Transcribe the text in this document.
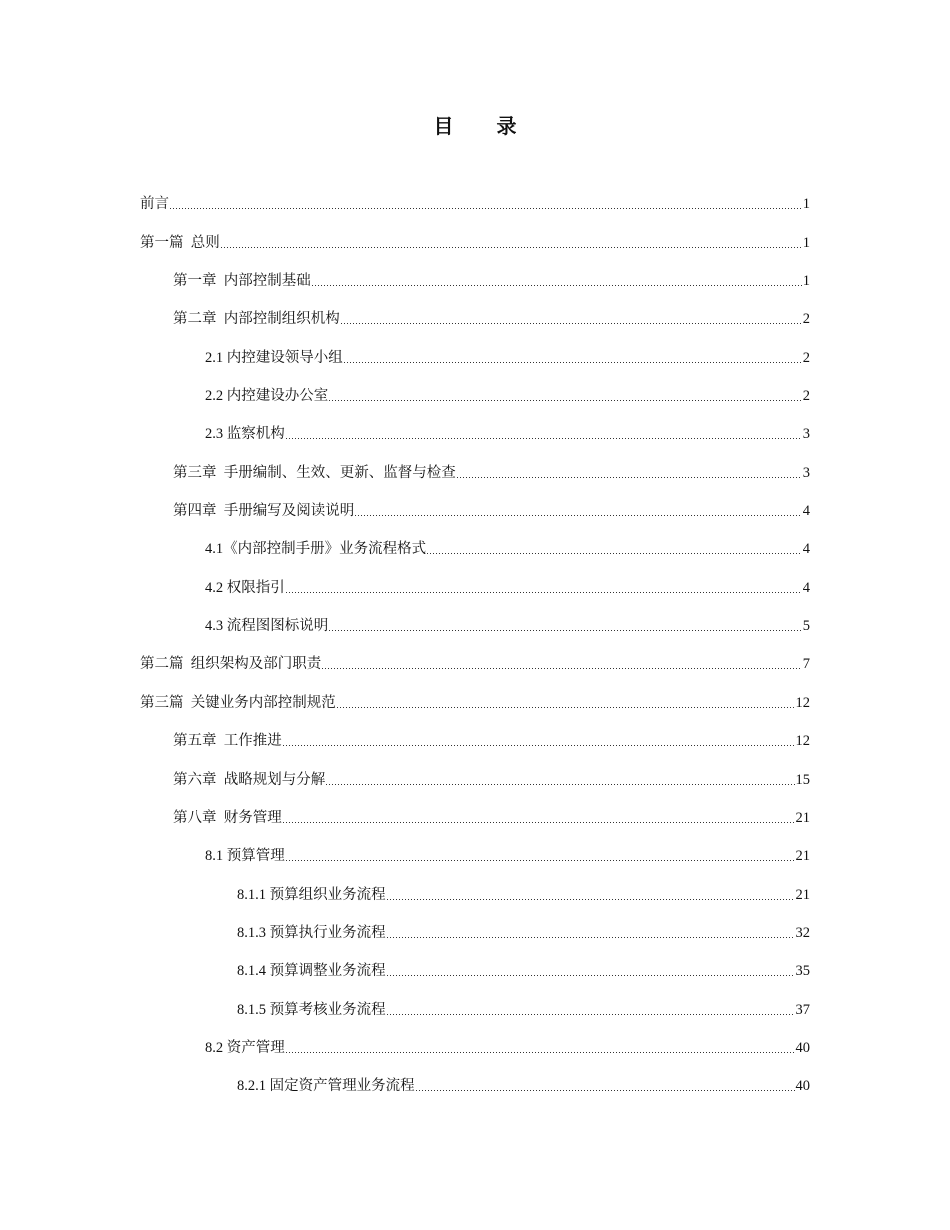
目 录
前言	1
第一篇  总则	1
第一章  内部控制基础	1
第二章  内部控制组织机构	2
2.1 内控建设领导小组	2
2.2 内控建设办公室	2
2.3 监察机构	3
第三章  手册编制、生效、更新、监督与检查	3
第四章  手册编写及阅读说明	4
4.1《内部控制手册》业务流程格式	4
4.2 权限指引	4
4.3 流程图图标说明	5
第二篇  组织架构及部门职责	7
第三篇  关键业务内部控制规范	12
第五章  工作推进	12
第六章  战略规划与分解	15
第八章  财务管理	21
8.1 预算管理	21
8.1.1 预算组织业务流程	21
8.1.3 预算执行业务流程	32
8.1.4 预算调整业务流程	35
8.1.5 预算考核业务流程	37
8.2 资产管理	40
8.2.1 固定资产管理业务流程	40
